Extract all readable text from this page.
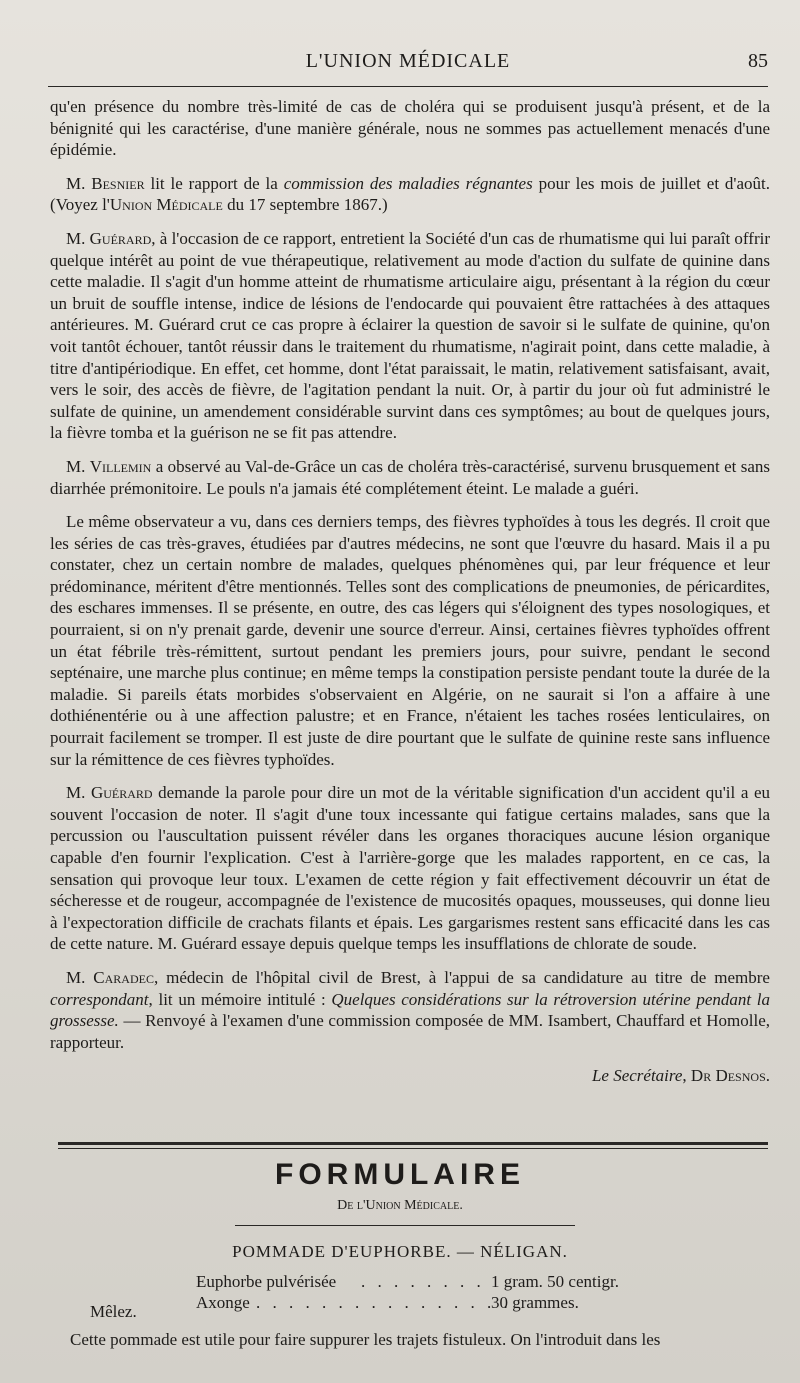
L'UNION MÉDICALE	85

qu'en présence du nombre très-limité de cas de choléra qui se produisent jusqu'à présent, et de la bénignité qui les caractérise, d'une manière générale, nous ne sommes pas actuellement menacés d'une épidémie.

M. Besnier lit le rapport de la commission des maladies régnantes pour les mois de juillet et d'août. (Voyez l'Union Médicale du 17 septembre 1867.)

M. Guérard, à l'occasion de ce rapport, entretient la Société d'un cas de rhumatisme qui lui paraît offrir quelque intérêt au point de vue thérapeutique, relativement au mode d'action du sulfate de quinine dans cette maladie. Il s'agit d'un homme atteint de rhumatisme articulaire aigu, présentant à la région du cœur un bruit de souffle intense, indice de lésions de l'endocarde qui pouvaient être rattachées à des attaques antérieures. M. Guérard crut ce cas propre à éclairer la question de savoir si le sulfate de quinine, qu'on voit tantôt échouer, tantôt réussir dans le traitement du rhumatisme, n'agirait point, dans cette maladie, à titre d'antipériodique. En effet, cet homme, dont l'état paraissait, le matin, relativement satisfaisant, avait, vers le soir, des accès de fièvre, de l'agitation pendant la nuit. Or, à partir du jour où fut administré le sulfate de quinine, un amendement considérable survint dans ces symptômes; au bout de quelques jours, la fièvre tomba et la guérison ne se fit pas attendre.

M. Villemin a observé au Val-de-Grâce un cas de choléra très-caractérisé, survenu brusquement et sans diarrhée prémonitoire. Le pouls n'a jamais été complétement éteint. Le malade a guéri.

Le même observateur a vu, dans ces derniers temps, des fièvres typhoïdes à tous les degrés. Il croit que les séries de cas très-graves, étudiées par d'autres médecins, ne sont que l'œuvre du hasard. Mais il a pu constater, chez un certain nombre de malades, quelques phénomènes qui, par leur fréquence et leur prédominance, méritent d'être mentionnés. Telles sont des complications de pneumonies, de péricardites, des eschares immenses. Il se présente, en outre, des cas légers qui s'éloignent des types nosologiques, et pourraient, si on n'y prenait garde, devenir une source d'erreur. Ainsi, certaines fièvres typhoïdes offrent un état fébrile très-rémittent, surtout pendant les premiers jours, pour suivre, pendant le second septénaire, une marche plus continue; en même temps la constipation persiste pendant toute la durée de la maladie. Si pareils états morbides s'observaient en Algérie, on ne saurait si l'on a affaire à une dothiénentérie ou à une affection palustre; et en France, n'étaient les taches rosées lenticulaires, on pourrait facilement se tromper. Il est juste de dire pourtant que le sulfate de quinine reste sans influence sur la rémittence de ces fièvres typhoïdes.

M. Guérard demande la parole pour dire un mot de la véritable signification d'un accident qu'il a eu souvent l'occasion de noter. Il s'agit d'une toux incessante qui fatigue certains malades, sans que la percussion ou l'auscultation puissent révéler dans les organes thoraciques aucune lésion organique capable d'en fournir l'explication. C'est à l'arrière-gorge que les malades rapportent, en ce cas, la sensation qui provoque leur toux. L'examen de cette région y fait effectivement découvrir un état de sécheresse et de rougeur, accompagnée de l'existence de mucosités opaques, mousseuses, qui donne lieu à l'expectoration difficile de crachats filants et épais. Les gargarismes restent sans efficacité dans les cas de cette nature. M. Guérard essaye depuis quelque temps les insufflations de chlorate de soude.

M. Caradec, médecin de l'hôpital civil de Brest, à l'appui de sa candidature au titre de membre correspondant, lit un mémoire intitulé : Quelques considérations sur la rétroversion utérine pendant la grossesse. — Renvoyé à l'examen d'une commission composée de MM. Isambert, Chauffard et Homolle, rapporteur.

Le Secrétaire, Dr Desnos.
FORMULAIRE
De l'Union Médicale.
POMMADE D'EUPHORBE. — NÉLIGAN.
Euphorbe pulvérisée . . . . . . . . 1 gram. 50 centigr.
Axonge . . . . . . . . . . . . . . . .
30 grammes.
Mêlez.
Cette pommade est utile pour faire suppurer les trajets fistuleux. On l'introduit dans les
